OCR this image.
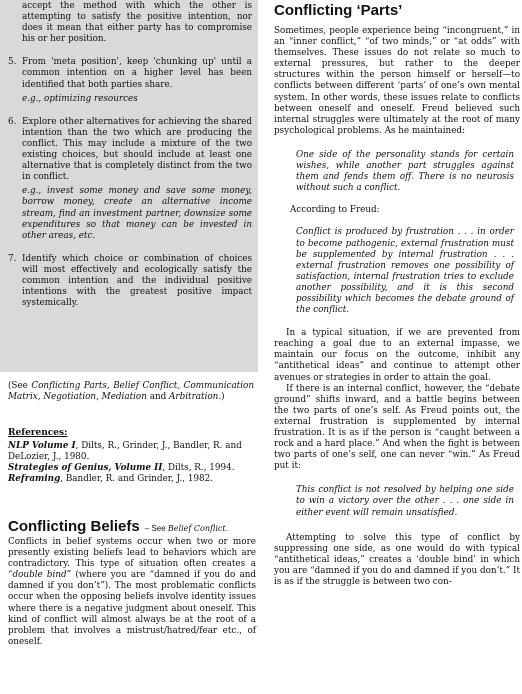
accept the method with which the other is attempting to satisfy the positive intention, nor does it mean that either party has to compromise his or her position.

5. From 'meta position', keep 'chunking up' until a common intention on a higher level has been identified that both parties share.

e.g., optimizing resources

6. Explore other alternatives for achieving the shared intention than the two which are producing the conflict. This may include a mixture of the two existing choices, but should include at least one alternative that is completely distinct from the two in conflict.

e.g., invest some money and save some money, borrow money, create an alternative income stream, find an investment partner, downsize some expenditures so that money can be invested in other areas, etc.

7. Identify which choice or combination of choices will most effectively and ecologically satisfy the common intention and the individual positive intentions with the greatest positive impact systemically.

(See Conflicting Parts, Belief Conflict, Communication Matrix, Negotiation, Mediation and Arbitration.)

References:

NLP Volume I, Dilts, R., Grinder, J., Bandler, R. and DeLozier, J., 1980.

Strategies of Genius, Volume II, Dilts, R., 1994.

Reframing, Bandler, R. and Grinder, J., 1982.

Conflicting Beliefs – See Belief Conflict.

Conflicts in belief systems occur when two or more presently existing beliefs lead to behaviors which are contradictory. This type of situation often creates a “double bind” (where you are “damned if you do and damned if you don’t”). The most problematic conflicts occur when the opposing beliefs involve identity issues where there is a negative judgment about oneself. This kind of conflict will almost always be at the root of a problem that involves a mistrust/hatred/fear etc., of oneself.

Conflicting ‘Parts’

Sometimes, people experience being “incongruent,” in an “inner conflict,” “of two minds,” or “at odds” with themselves. These issues do not relate so much to external pressures, but rather to the deeper structures within the person himself or herself—to conflicts between different ‘parts’ of one’s own mental system. In other words, these issues relate to conflicts between oneself and oneself. Freud believed such internal struggles were ultimately at the root of many psychological problems. As he maintained:

One side of the personality stands for certain wishes, while another part struggles against them and fends them off. There is no neurosis without such a conflict.

According to Freud:

Conflict is produced by frustration . . . in order to become pathogenic, external frustration must be supplemented by internal frustration . . . external frustration removes one possibility of satisfaction, internal frustration tries to exclude another possibility, and it is this second possibility which becomes the debate ground of the conflict.

In a typical situation, if we are prevented from reaching a goal due to an external impasse, we maintain our focus on the outcome, inhibit any “antithetical ideas” and continue to attempt other avenues or strategies in order to attain the goal.

If there is an internal conflict, however, the “debate ground” shifts inward, and a battle begins between the two parts of one’s self. As Freud points out, the external frustration is supplemented by internal frustration. It is as if the person is “caught between a rock and a hard place.” And when the fight is between two parts of one’s self, one can never “win.” As Freud put it:

This conflict is not resolved by helping one side to win a victory over the other . . . one side in either event will remain unsatisfied.

Attempting to solve this type of conflict by suppressing one side, as one would do with typical “antithetical ideas,” creates a ‘double bind’ in which you are “damned if you do and damned if you don’t.” It is as if the struggle is between two con-
